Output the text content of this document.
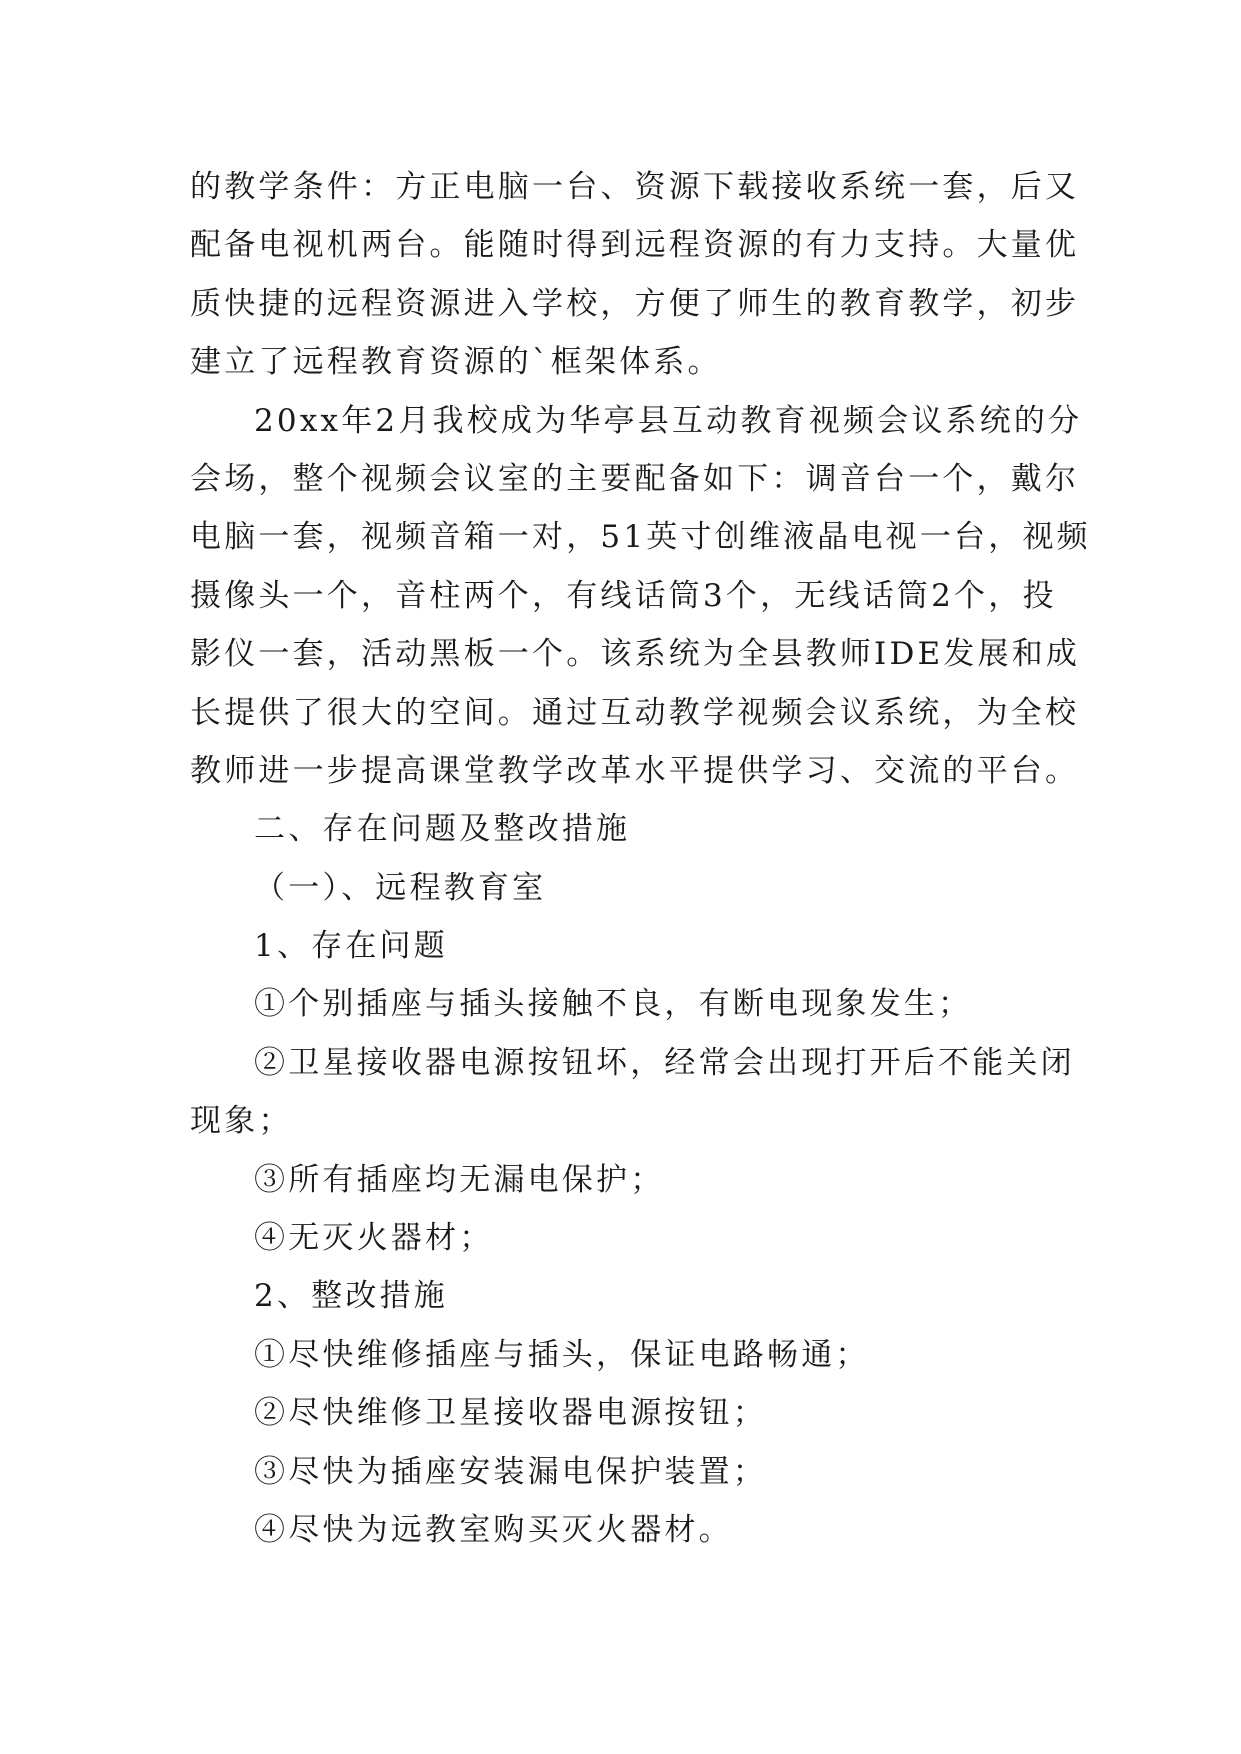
的教学条件：方正电脑一台、资源下载接收系统一套，后又
配备电视机两台。能随时得到远程资源的有力支持。大量优
质快捷的远程资源进入学校，方便了师生的教育教学，初步
建立了远程教育资源的`框架体系。
20xx年2月我校成为华亭县互动教育视频会议系统的分
会场，整个视频会议室的主要配备如下：调音台一个，戴尔
电脑一套，视频音箱一对，51英寸创维液晶电视一台，视频
摄像头一个，音柱两个，有线话筒3个，无线话筒2个，投
影仪一套，活动黑板一个。该系统为全县教师IDE发展和成
长提供了很大的空间。通过互动教学视频会议系统，为全校
教师进一步提高课堂教学改革水平提供学习、交流的平台。
二、存在问题及整改措施
（一）、远程教育室
1、存在问题
①个别插座与插头接触不良，有断电现象发生；
②卫星接收器电源按钮坏，经常会出现打开后不能关闭
现象；
③所有插座均无漏电保护；
④无灭火器材；
2、整改措施
①尽快维修插座与插头，保证电路畅通；
②尽快维修卫星接收器电源按钮；
③尽快为插座安装漏电保护装置；
④尽快为远教室购买灭火器材。
